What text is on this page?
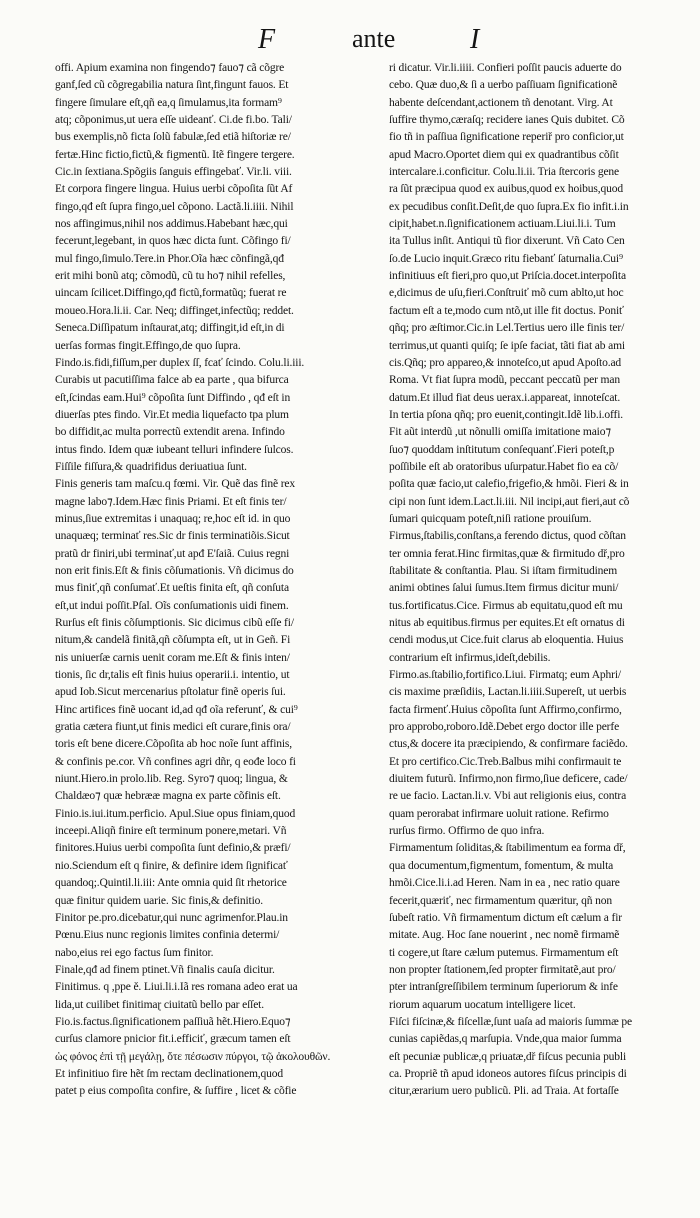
F	ante	I
offi. Apium examina non fingendo⁊ fauo⁊ cã cõgre
ganf,ſed cũ cõgregabilia natura ſint,fingunt fauos. Et
fingere ſimulare eſt,qñ ea,q ſimulamus,ita formam⁹
atq; cõponimus,ut uera eſſe uideanť. Ci.de fi.bo. Tali/
bus exemplis,nõ ficta ſolũ fabulæ,ſed etiã hiſtoriæ re/
fertæ.Hinc fictio,fictũ,& figmentũ. Itẽ fingere tergere.
Cic.in ſextiana.Spõgiis ſanguis effingebať. Vir.li. viii.
Et corpora fingere lingua. Huius uerbi cõpoſita ſũt Af
fingo,qđ eſt ſupra fingo,uel cõpono. Lactã.li.iiii. Nihil
nos affingimus,nihil nos addimus.Habebant hæc,qui
fecerunt,legebant, in quos hæc dicta ſunt. Cõfingo fi/
mul fingo,ſimulo.Tere.in Phor.Oĩa hæc cõnfingã,qđ
erit mihi bonũ atq; cõmodũ, cũ tu ho⁊ nihil refelles,
uincam ſcilicet.Diffingo,qđ fictũ,formatũq; fuerat re
moueo.Hora.li.ii. Car. Neq; diffinget,infectũq; reddet.
Seneca.Diſſipatum inſtaurat,atq; diffingit,id eſt,in di
uerſas formas fingit.Effingo,de quo ſupra.
Findo.is.fidi,fiſſum,per duplex ſſ, fcať ſcindo. Colu.li.iii.
Curabis ut pacutiſſima falce ab ea parte , qua bifurca
eſt,ſcindas eam.Hui⁹ cõpoſita ſunt Diffindo , qđ eſt in
diuerſas ptes findo. Vir.Et media liquefacto tpa plum
bo diffidit,ac multa porrectũ extendit arena. Infindo
intus findo. Idem quæ iubeant telluri infindere ſulcos.
Fiſſile fiſſura,& quadrifidus deriuatiua ſunt.
Finis generis tam maſcu.q fœmi. Vir. Quẽ das finẽ rex
magne labo⁊.Idem.Hæc finis Priami. Et eſt finis ter/
minus,ſiue extremitas i unaquaq; re,hoc eſt id. in quo
unaquæq; terminať res.Sic dr finis terminatiõis.Sicut
pratũ dr finiri,ubi terminať,ut apđ E'ſaiã. Cuius regni
non erit finis.Eſt & finis cõſumationis. Vñ dicimus do
mus finiť,qñ conſumať.Et ueſtis finita eſt, qñ conſuta
eſt,ut indui poſſit.Pſal. Oĩs conſumationis uidi finem.
Rurſus eſt finis cõſumptionis. Sic dicimus cibũ eſſe fi/
nitum,& candelã finitã,qñ cõſumpta eſt, ut in Geñ. Fi
nis uniuerſæ carnis uenit coram me.Eſt & finis inten/
tionis, ſic dr,talis eſt finis huius operarii.i. intentio, ut
apud Iob.Sicut mercenarius pſtolatur finẽ operis ſui.
Hinc artifices finẽ uocant id,ad qđ oĩa referunť, & cui⁹
gratia cætera fiunt,ut finis medici eſt curare,finis ora/
toris eſt bene dicere.Cõpoſita ab hoc noĩe ſunt affinis,
& confinis pe.cor. Vñ confines agri dñr, q eođe loco fi
niunt.Hiero.in prolo.lib. Reg. Syro⁊ quoq; lingua, &
Chaldæo⁊ quæ hebrææ magna ex parte cõfinis eſt.
Finio.is.iui.itum.perficio. Apul.Siue opus finiam,quod
inceepi.Aliqñ finire eſt terminum ponere,metari. Vñ
finitores.Huius uerbi compoſita ſunt definio,& præfi/
nio.Sciendum eſt q finire, & definire idem ſignificať
quandoq;.Quintil.li.iii: Ante omnia quid ſit rhetorice
quæ finitur quidem uarie. Sic finis,& definitio.
Finitor pe.pro.dicebatur,qui nunc agrimenfor.Plau.in
Pœnu.Eius nunc regionis limites confinia determi/
nabo,eius rei ego factus ſum finitor.
Finale,qđ ad finem ptinet.Vñ finalis cauſa dicitur.
Finitimus. q ,ppe ě. Liui.li.i.Iã res romana adeo erat ua
lida,ut cuilibet finitimaɽ ciuitatũ bello par eſſet.
Fio.is.factus.ſignificationem paſſiuã hẽt.Hiero.Equo⁊
curſus clamore pnicior fit.i.efficiť, græcum tamen eſt
ὡς φόνος ἐπὶ τῇ μεγάλῃ, ὅτε πέσωσιν πύργοι, τῷ ἀκολουθῶν.
Et infinitiuo fire hẽt ſm rectam declinationem,quod
patet p eius compoſita confire, & ſuffire , licet & cõfie
ri dicatur. Vir.li.iiii. Confieri poſſit paucis aduerte do
cebo. Quæ duo,& ſi a uerbo paſſiuam ſignificationẽ
habente deſcendant,actionem tñ denotant. Virg. At
ſuffire thymo,cæraſq; recidere ianes Quis dubitet. Cõ
fio tñ in paſſiua ſignificatione reperiř pro conficior,ut
apud Macro.Oportet diem qui ex quadrantibus cõſit
intercalare.i.conficitur. Colu.li.ii. Tria ſtercoris gene
ra ſũt præcipua quod ex auibus,quod ex hoibus,quod
ex pecudibus conſit.Deſit,de quo ſupra.Ex fio infit.i.in
cipit,habet.n.ſignificationem actiuam.Liui.li.i. Tum
ita Tullus inſit. Antiqui tũ fior dixerunt. Vñ Cato Cen
ſo.de Lucio inquit.Græco ritu fiebanť ſaturnalia.Cui⁹
infinitiuus eſt fieri,pro quo,ut Priſcia.docet.interpoſita
e,dicimus de uſu,fieri.Conſtruiť mõ cum ablto,ut hoc
factum eſt a te,modo cum ntõ,ut ille fit doctus. Poniť
qñq; pro æſtimor.Cic.in Lel.Tertius uero ille finis ter/
terrimus,ut quanti quiſq; ſe ipſe faciat, tãti fiat ab ami
cis.Qñq; pro appareo,& innoteſco,ut apud Apoſto.ad
Roma. Vt fiat ſupra modũ, peccant peccatũ per man
datum.Et illud fiat deus uerax.i.appareat, innoteſcat.
In tertia pſona qñq; pro euenit,contingit.Idẽ lib.i.offi.
Fit aũt interdũ ,ut nõnulli omiſſa imitatione maio⁊
ſuo⁊ quoddam inſtitutum conſequanť.Fieri poteſt,p
poſſibile eſt ab oratoribus uſurpatur.Habet fio ea cõ/
poſita quæ facio,ut calefio,frigefio,& hmõi. Fieri & in
cipi non ſunt idem.Lact.li.iii. Nil incipi,aut fieri,aut cõ
ſumari quicquam poteſt,niſi ratione prouiſum.
Firmus,ſtabilis,conſtans,a ferendo dictus, quod cõſtan
ter omnia ferat.Hinc firmitas,quæ & firmitudo dř,pro
ſtabilitate & conſtantia. Plau. Si iſtam firmitudinem
animi obtines ſalui ſumus.Item firmus dicitur muni/
tus.fortificatus.Cice. Firmus ab equitatu,quod eſt mu
nitus ab equitibus.firmus per equites.Et eſt ornatus di
cendi modus,ut Cice.fuit clarus ab eloquentia. Huius
contrarium eſt infirmus,ideſt,debilis.
Firmo.as.ſtabilio,fortifico.Liui. Firmatq; eum Aphri/
cis maxime præſidiis, Lactan.li.iiii.Supereſt, ut uerbis
facta firmenť.Huius cõpoſita ſunt Affirmo,confirmo,
pro approbo,roboro.Idẽ.Debet ergo doctor ille perfe
ctus,& docere ita præcipiendo, & confirmare faciẽdo.
Et pro certifico.Cic.Treb.Balbus mihi confirmauit te
diuitem futurũ. Infirmo,non firmo,ſiue deficere, cade/
re ue facio. Lactan.li.v. Vbi aut religionis eius, contra
quam perorabat infirmare uoluit ratione. Refirmo
rurſus firmo. Offirmo de quo infra.
Firmamentum ſoliditas,& ſtabilimentum ea forma dř,
qua documentum,figmentum, fomentum, & multa
hmõi.Cice.li.i.ad Heren. Nam in ea , nec ratio quare
fecerit,quæriť, nec firmamentum quæritur, qñ non
ſubeſt ratio. Vñ firmamentum dictum eſt cælum a fir
mitate. Aug. Hoc ſane nouerint , nec nomẽ firmamẽ
ti cogere,ut ſtare cælum putemus. Firmamentum eſt
non propter ſtationem,ſed propter firmitatẽ,aut pro/
pter intranſgreſſibilem terminum ſuperiorum & infe
riorum aquarum uocatum intelligere licet.
Fiſci fiſcinæ,& fiſcellæ,ſunt uaſa ad maioris ſummæ pe
cunias capiẽdas,q marſupia. Vnde,qua maior ſumma
eſt pecuniæ publicæ,q priuatæ,dř fiſcus pecunia publi
ca. Propriẽ tñ apud idoneos autores fiſcus principis di
citur,ærarium uero publicũ. Pli. ad Traia. At fortaſſe
